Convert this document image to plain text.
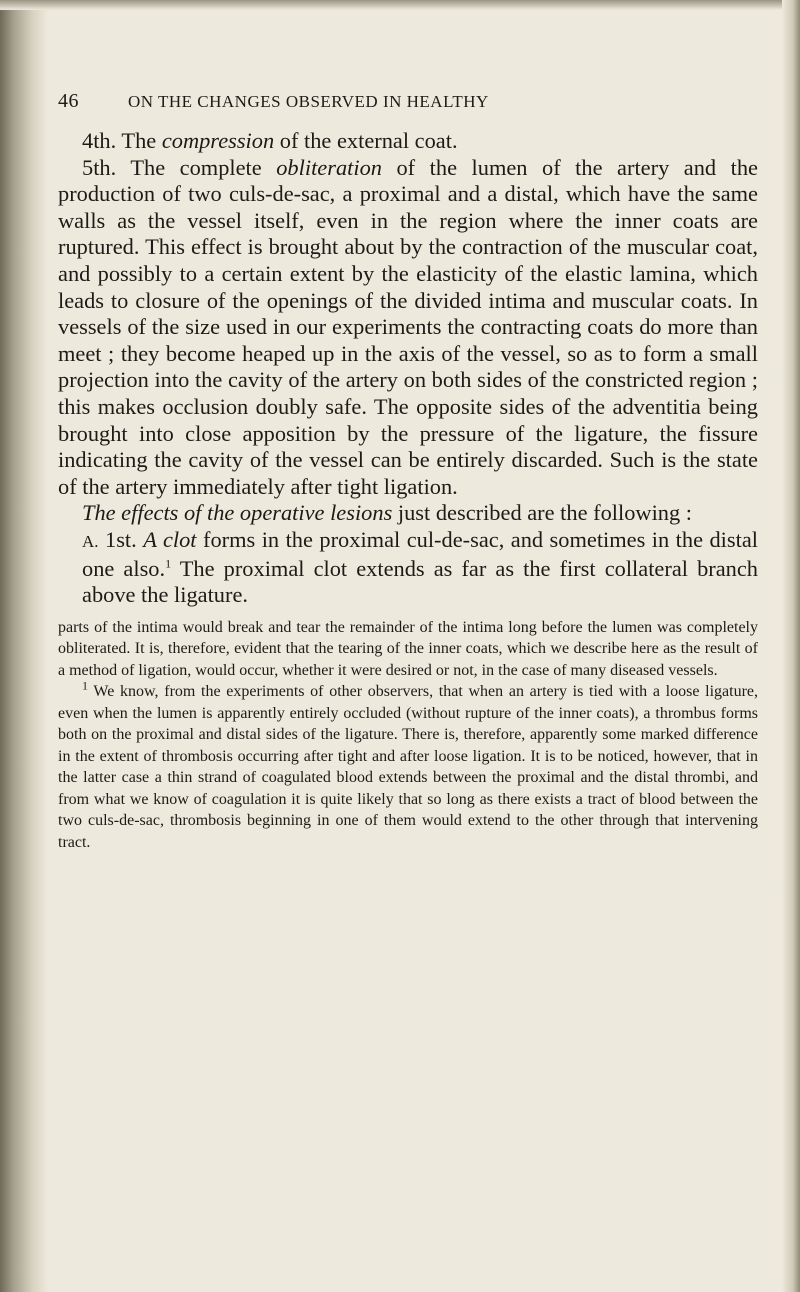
46	ON THE CHANGES OBSERVED IN HEALTHY

4th. The compression of the external coat.

5th. The complete obliteration of the lumen of the artery and the production of two culs-de-sac, a proximal and a distal, which have the same walls as the vessel itself, even in the region where the inner coats are ruptured. This effect is brought about by the contraction of the muscular coat, and possibly to a certain extent by the elasticity of the elastic lamina, which leads to closure of the openings of the divided intima and muscular coats. In vessels of the size used in our experiments the contracting coats do more than meet ; they become heaped up in the axis of the vessel, so as to form a small projection into the cavity of the artery on both sides of the constricted region ; this makes occlusion doubly safe. The opposite sides of the adventitia being brought into close apposition by the pressure of the ligature, the fissure indicating the cavity of the vessel can be entirely discarded. Such is the state of the artery immediately after tight ligation.

The effects of the operative lesions just described are the following :

A. 1st. A clot forms in the proximal cul-de-sac, and sometimes in the distal one also.$^1$ The proximal clot extends as far as the first collateral branch above the ligature.

parts of the intima would break and tear the remainder of the intima long before the lumen was completely obliterated. It is, therefore, evident that the tearing of the inner coats, which we describe here as the result of a method of ligation, would occur, whether it were desired or not, in the case of many diseased vessels.

$^1$ We know, from the experiments of other observers, that when an artery is tied with a loose ligature, even when the lumen is apparently entirely occluded (without rupture of the inner coats), a thrombus forms both on the proximal and distal sides of the ligature. There is, therefore, apparently some marked difference in the extent of thrombosis occurring after tight and after loose ligation. It is to be noticed, however, that in the latter case a thin strand of coagulated blood extends between the proximal and the distal thrombi, and from what we know of coagulation it is quite likely that so long as there exists a tract of blood between the two culs-de-sac, thrombosis beginning in one of them would extend to the other through that intervening tract.
